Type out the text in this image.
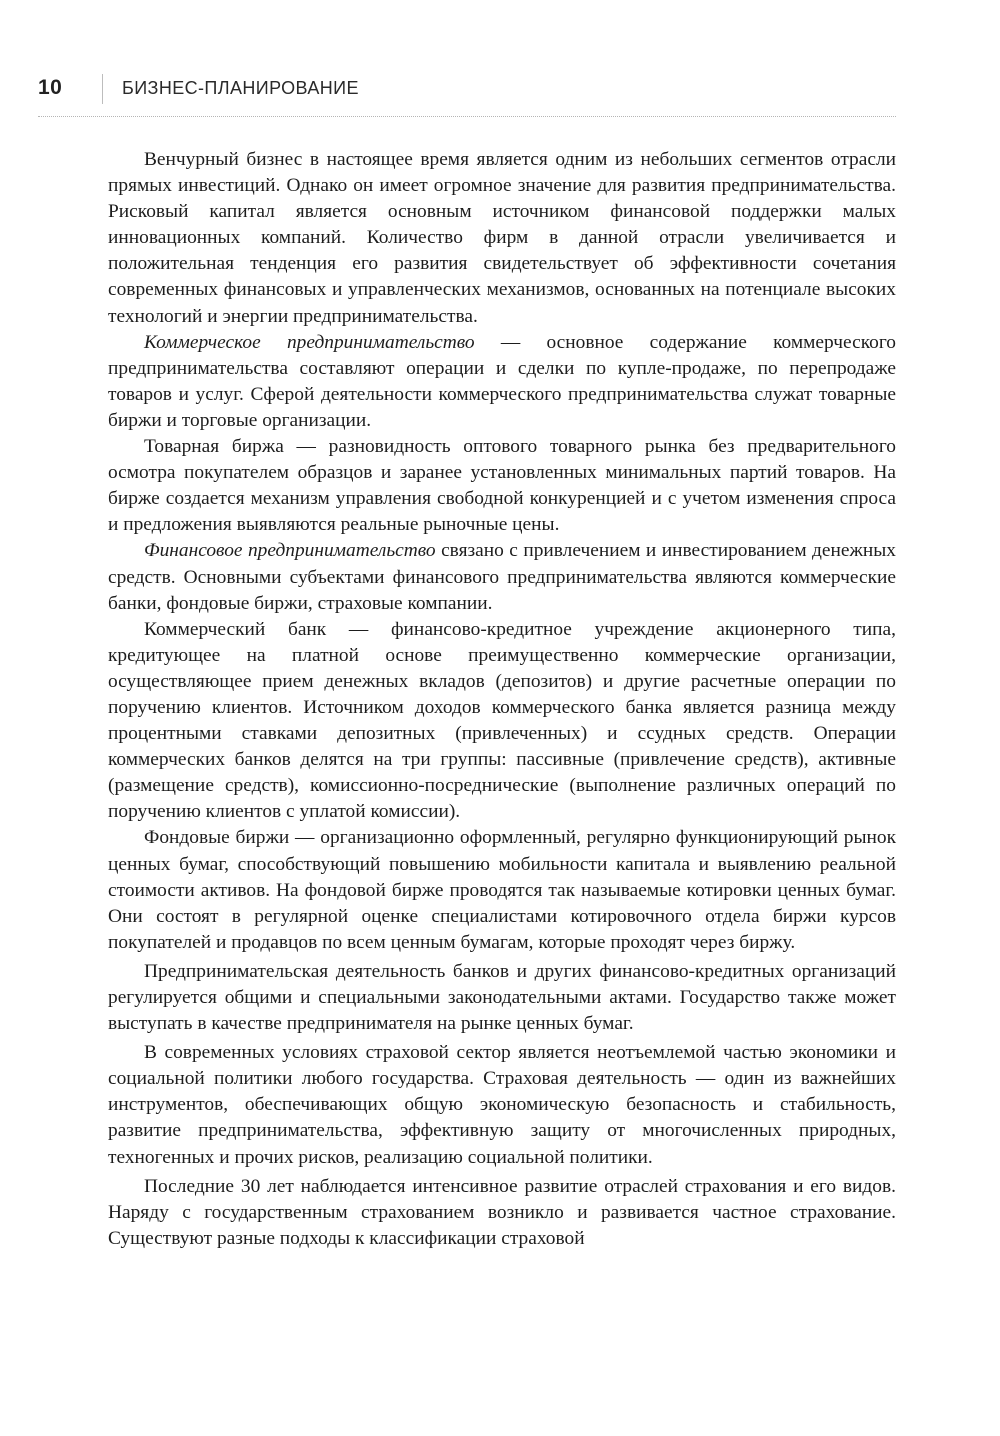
10	БИЗНЕС-ПЛАНИРОВАНИЕ

Венчурный бизнес в настоящее время является одним из небольших сегментов отрасли прямых инвестиций. Однако он имеет огромное значение для развития предпринимательства. Рисковый капитал является основным источником финансовой поддержки малых инновационных компаний. Количество фирм в данной отрасли увеличивается и положительная тенденция его развития свидетельствует об эффективности сочетания современных финансовых и управленческих механизмов, основанных на потенциале высоких технологий и энергии предпринимательства.

Коммерческое предпринимательство — основное содержание коммерческого предпринимательства составляют операции и сделки по купле-продаже, по перепродаже товаров и услуг. Сферой деятельности коммерческого предпринимательства служат товарные биржи и торговые организации.

Товарная биржа — разновидность оптового товарного рынка без предварительного осмотра покупателем образцов и заранее установленных минимальных партий товаров. На бирже создается механизм управления свободной конкуренцией и с учетом изменения спроса и предложения выявляются реальные рыночные цены.

Финансовое предпринимательство связано с привлечением и инвестированием денежных средств. Основными субъектами финансового предпринимательства являются коммерческие банки, фондовые биржи, страховые компании.

Коммерческий банк — финансово-кредитное учреждение акционерного типа, кредитующее на платной основе преимущественно коммерческие организации, осуществляющее прием денежных вкладов (депозитов) и другие расчетные операции по поручению клиентов. Источником доходов коммерческого банка является разница между процентными ставками депозитных (привлеченных) и ссудных средств. Операции коммерческих банков делятся на три группы: пассивные (привлечение средств), активные (размещение средств), комиссионно-посреднические (выполнение различных операций по поручению клиентов с уплатой комиссии).

Фондовые биржи — организационно оформленный, регулярно функционирующий рынок ценных бумаг, способствующий повышению мобильности капитала и выявлению реальной стоимости активов. На фондовой бирже проводятся так называемые котировки ценных бумаг. Они состоят в регулярной оценке специалистами котировочного отдела биржи курсов покупателей и продавцов по всем ценным бумагам, которые проходят через биржу.

Предпринимательская деятельность банков и других финансово-кредитных организаций регулируется общими и специальными законодательными актами. Государство также может выступать в качестве предпринимателя на рынке ценных бумаг.

В современных условиях страховой сектор является неотъемлемой частью экономики и социальной политики любого государства. Страховая деятельность — один из важнейших инструментов, обеспечивающих общую экономическую безопасность и стабильность, развитие предпринимательства, эффективную защиту от многочисленных природных, техногенных и прочих рисков, реализацию социальной политики.

Последние 30 лет наблюдается интенсивное развитие отраслей страхования и его видов. Наряду с государственным страхованием возникло и развивается частное страхование. Существуют разные подходы к классификации страховой
